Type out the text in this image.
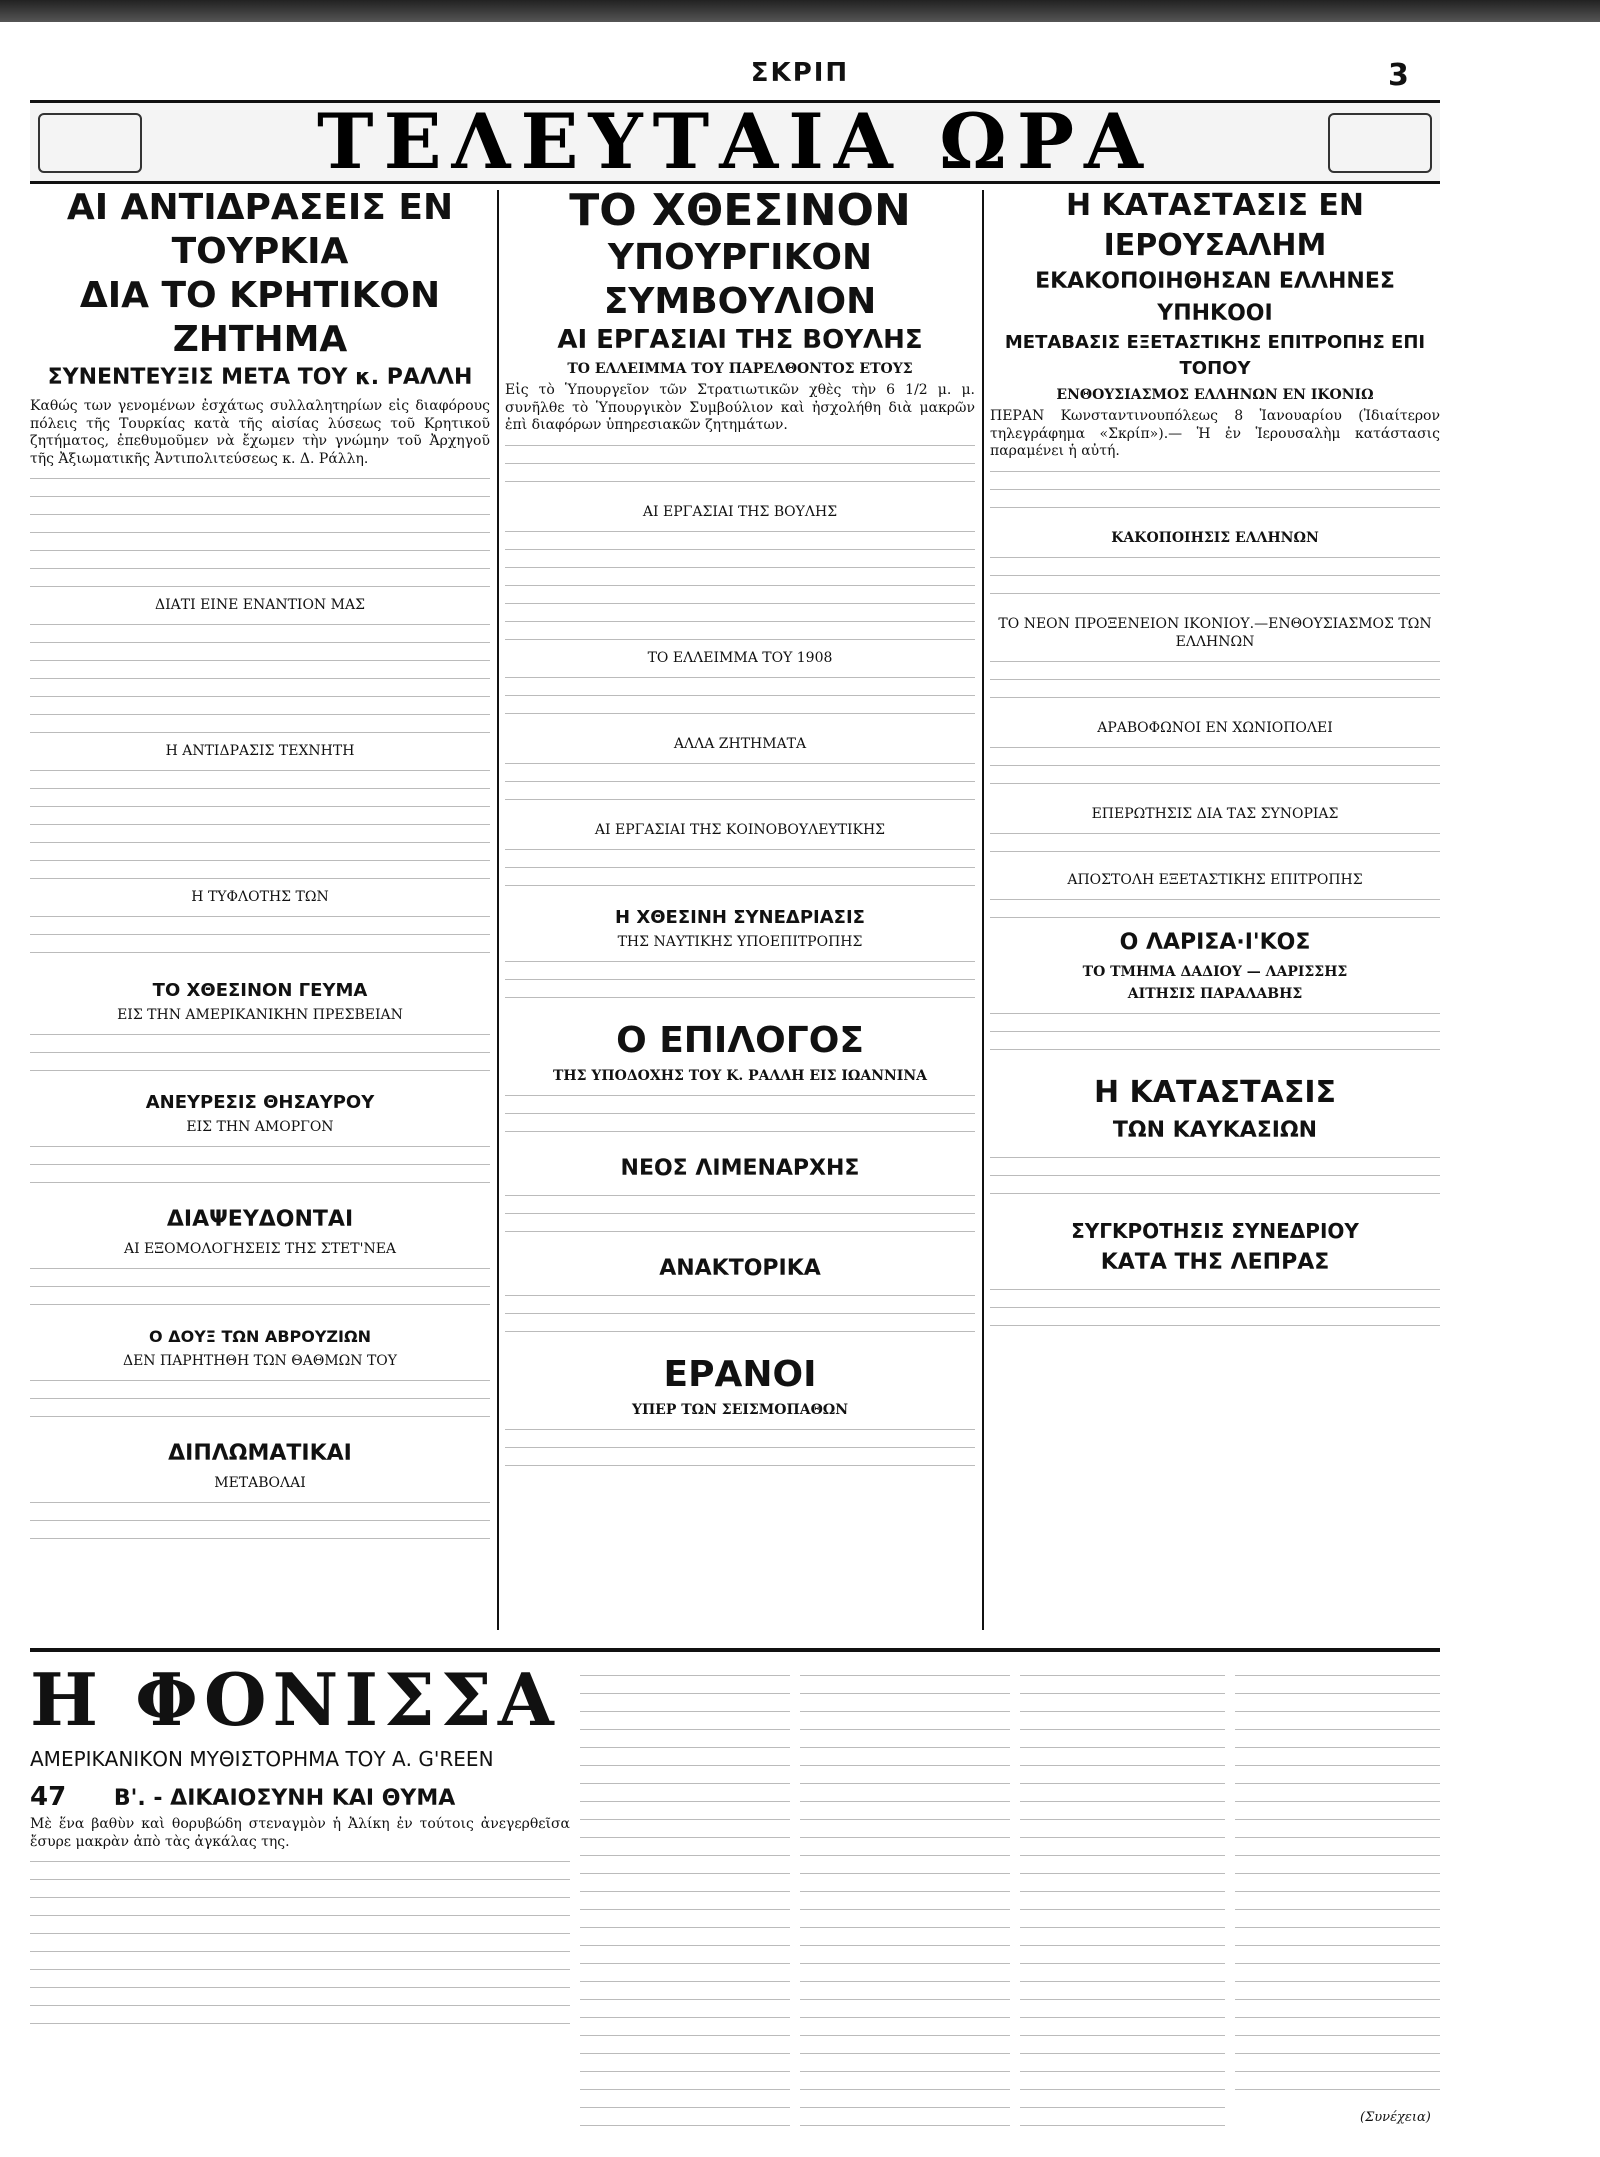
ΣΚΡΙΠ	3
ΤΕΛΕΥΤΑΙΑ ΩΡΑ
ΑΙ ΑΝΤΙΔΡΑΣΕΙΣ ΕΝ ΤΟΥΡΚΙΑ
ΔΙΑ ΤΟ ΚΡΗΤΙΚΟΝ ΖΗΤΗΜΑ
ΣΥΝΕΝΤΕΥΞΙΣ ΜΕΤΑ ΤΟΥ κ. ΡΑΛΛΗ

Καθώς των γενομένων ἐσχάτως συλλαλητηρίων εἰς διαφόρους πόλεις τῆς Τουρκίας κατὰ τῆς αἰσίας λύσεως τοῦ Κρητικοῦ ζητήματος, ἐπεθυμοῦμεν νὰ ἔχωμεν τὴν γνώμην τοῦ Ἀρχηγοῦ τῆς Ἀξιωματικῆς Ἀντιπολιτεύσεως κ. Δ. Ράλλη.

ΔΙΑΤΙ ΕΙΝΕ ΕΝΑΝΤΙΟΝ ΜΑΣ
Η ΑΝΤΙΔΡΑΣΙΣ ΤΕΧΝΗΤΗ
Η ΤΥΦΛΟΤΗΣ ΤΩΝ
ΤΟ ΧΘΕΣΙΝΟΝ ΓΕΥΜΑ
ΕΙΣ ΤΗΝ ΑΜΕΡΙΚΑΝΙΚΗΝ ΠΡΕΣΒΕΙΑΝ
ΑΝΕΥΡΕΣΙΣ ΘΗΣΑΥΡΟΥ
ΕΙΣ ΤΗΝ ΑΜΟΡΓΟΝ
ΔΙΑΨΕΥΔΟΝΤΑΙ
ΑΙ ΕΞΟΜΟΛΟΓΗΣΕΙΣ ΤΗΣ ΣΤΕΤ'ΝΕΑ
Ο ΔΟΥΞ ΤΩΝ ΑΒΡΟΥΖΙΩΝ
ΔΕΝ ΠΑΡΗΤΗΘΗ ΤΩΝ ΘΑΘΜΩΝ ΤΟΥ
ΔΙΠΛΩΜΑΤΙΚΑΙ
ΜΕΤΑΒΟΛΑΙ
ΤΟ ΧΘΕΣΙΝΟΝ
ΥΠΟΥΡΓΙΚΟΝ ΣΥΜΒΟΥΛΙΟΝ
ΑΙ ΕΡΓΑΣΙΑΙ ΤΗΣ ΒΟΥΛΗΣ
ΤΟ ΕΛΛΕΙΜΜΑ ΤΟΥ ΠΑΡΕΛΘΟΝΤΟΣ ΕΤΟΥΣ

Εἰς τὸ Ὑπουργεῖον τῶν Στρατιωτικῶν χθὲς τὴν 6 1/2 μ. μ. συνῆλθε τὸ Ὑπουργικὸν Συμβούλιον καὶ ἠσχολήθη διὰ μακρῶν ἐπὶ διαφόρων ὑπηρεσιακῶν ζητημάτων.

ΑΙ ΕΡΓΑΣΙΑΙ ΤΗΣ ΒΟΥΛΗΣ
ΤΟ ΕΛΛΕΙΜΜΑ ΤΟΥ 1908
ΑΛΛΑ ΖΗΤΗΜΑΤΑ
ΑΙ ΕΡΓΑΣΙΑΙ ΤΗΣ ΚΟΙΝΟΒΟΥΛΕΥΤΙΚΗΣ
Η ΧΘΕΣΙΝΗ ΣΥΝΕΔΡΙΑΣΙΣ
ΤΗΣ ΝΑΥΤΙΚΗΣ ΥΠΟΕΠΙΤΡΟΠΗΣ
Ο ΕΠΙΛΟΓΟΣ
ΤΗΣ ΥΠΟΔΟΧΗΣ ΤΟΥ Κ. ΡΑΛΛΗ ΕΙΣ ΙΩΑΝΝΙΝΑ
ΝΕΟΣ ΛΙΜΕΝΑΡΧΗΣ
ΑΝΑΚΤΟΡΙΚΑ
ΕΡΑΝΟΙ
ΥΠΕΡ ΤΩΝ ΣΕΙΣΜΟΠΑΘΩΝ
Η ΚΑΤΑΣΤΑΣΙΣ ΕΝ ΙΕΡΟΥΣΑΛΗΜ
ΕΚΑΚΟΠΟΙΗΘΗΣΑΝ ΕΛΛΗΝΕΣ ΥΠΗΚΟΟΙ
ΜΕΤΑΒΑΣΙΣ ΕΞΕΤΑΣΤΙΚΗΣ ΕΠΙΤΡΟΠΗΣ ΕΠΙ ΤΟΠΟΥ
ΕΝΘΟΥΣΙΑΣΜΟΣ ΕΛΛΗΝΩΝ ΕΝ ΙΚΟΝΙΩ

ΠΕΡΑΝ Κωνσταντινουπόλεως 8 Ἰανουαρίου (Ἰδιαίτερον τηλεγράφημα «Σκρίπ»).— Ἡ ἐν Ἱερουσαλὴμ κατάστασις παραμένει ἡ αὐτή.

ΚΑΚΟΠΟΙΗΣΙΣ ΕΛΛΗΝΩΝ
ΤΟ ΝΕΟΝ ΠΡΟΞΕΝΕΙΟΝ ΙΚΟΝΙΟΥ.—ΕΝΘΟΥΣΙΑΣΜΟΣ ΤΩΝ ΕΛΛΗΝΩΝ
ΑΡΑΒΟΦΩΝΟΙ ΕΝ ΧΩΝΙΟΠΟΛΕΙ
ΕΠΕΡΩΤΗΣΙΣ ΔΙΑ ΤΑΣ ΣΥΝΟΡΙΑΣ
ΑΠΟΣΤΟΛΗ ΕΞΕΤΑΣΤΙΚΗΣ ΕΠΙΤΡΟΠΗΣ
Ο ΛΑΡΙΣΑ·Ι'ΚΟΣ
ΤΟ ΤΜΗΜΑ ΔΑΔΙΟΥ — ΛΑΡΙΣΣΗΣ
ΑΙΤΗΣΙΣ ΠΑΡΑΛΑΒΗΣ
Η ΚΑΤΑΣΤΑΣΙΣ
ΤΩΝ ΚΑΥΚΑΣΙΩΝ
ΣΥΓΚΡΟΤΗΣΙΣ ΣΥΝΕΔΡΙΟΥ
ΚΑΤΑ ΤΗΣ ΛΕΠΡΑΣ
Η ΦΟΝΙΣΣΑ
ΑΜΕΡΙΚΑΝΙΚΟΝ ΜΥΘΙΣΤΟΡΗΜΑ ΤΟΥ Α. G'REEN
47 Β'. - ΔΙΚΑΙΟΣΥΝΗ ΚΑΙ ΘΥΜΑ

Μὲ ἕνα βαθὺν καὶ θορυβώδη στεναγμὸν ἡ Ἀλίκη ἐν τούτοις ἀνεγερθεῖσα ἔσυρε μακρὰν ἀπὸ τὰς ἀγκάλας της.

(Συνέχεια)
